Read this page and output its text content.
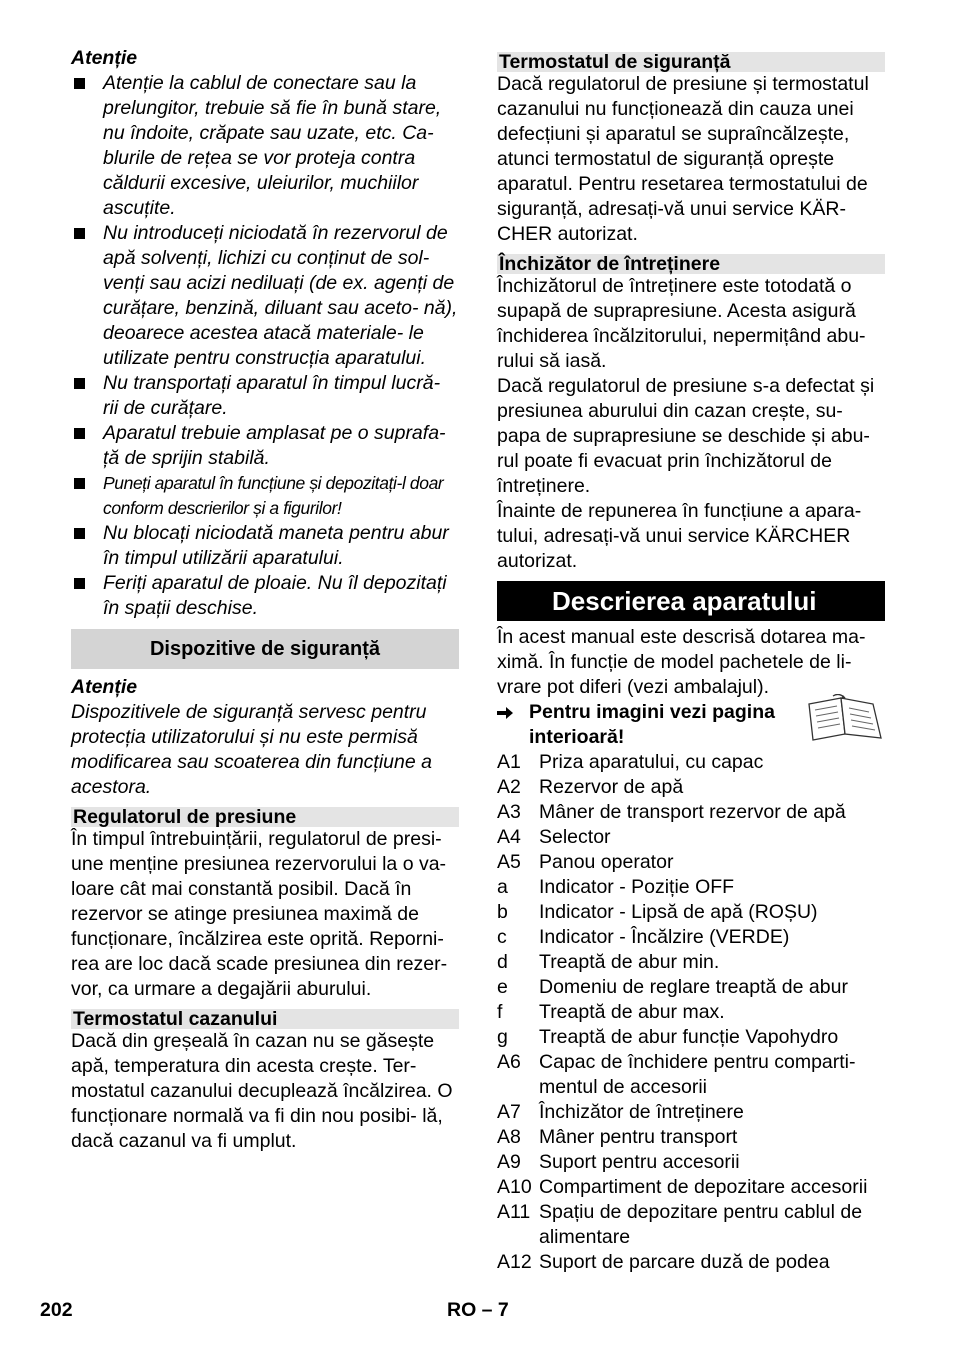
Atenție
Atenție la cablul de conectare sau la prelungitor, trebuie să fie în bună stare, nu îndoite, crăpate sau uzate, etc. Ca- blurile de rețea se vor proteja contra căldurii excesive, uleiurilor, muchiilor ascuțite.
Nu introduceți niciodată în rezervorul de apă solvenți, lichizi cu conținut de sol- venți sau acizi nediluați (de ex. agenți de curățare, benzină, diluant sau aceto- nă), deoarece acestea atacă materiale- le utilizate pentru construcția aparatului.
Nu transportați aparatul în timpul lucră- rii de curățare.
Aparatul trebuie amplasat pe o suprafa- ță de sprijin stabilă.
Puneți aparatul în funcțiune și depozitați-l doar conform descrierilor și a figurilor!
Nu blocați niciodată maneta pentru abur în timpul utilizării aparatului.
Feriți aparatul de ploaie. Nu îl depozitați în spații deschise.
Dispozitive de siguranță
Atenție
Dispozitivele de siguranță servesc pentru protecția utilizatorului și nu este permisă modificarea sau scoaterea din funcțiune a acestora.
Regulatorul de presiune
În timpul întrebuințării, regulatorul de presi- une menține presiunea rezervorului la o va- loare cât mai constantă posibil. Dacă în rezervor se atinge presiunea maximă de funcționare, încălzirea este oprită. Reporni- rea are loc dacă scade presiunea din rezer- vor, ca urmare a degajării aburului.
Termostatul cazanului
Dacă din greșeală în cazan nu se găsește apă, temperatura din acesta crește. Ter- mostatul cazanului decuplează încălzirea. O funcționare normală va fi din nou posibi- lă, dacă cazanul va fi umplut.
Termostatul de siguranță
Dacă regulatorul de presiune și termostatul cazanului nu funcționează din cauza unei defecțiuni și aparatul se supraîncălzește, atunci termostatul de siguranță oprește aparatul. Pentru resetarea termostatului de siguranță, adresați-vă unui service KÄR- CHER autorizat.
Închizător de întreținere
Închizătorul de întreținere este totodată o supapă de suprapresiune. Acesta asigură închiderea încălzitorului, nepermițând abu- rului să iasă.
Dacă regulatorul de presiune s-a defectat și presiunea aburului din cazan crește, su- papa de suprapresiune se deschide și abu- rul poate fi evacuat prin închizătorul de întreținere.
Înainte de repunerea în funcțiune a apara- tului, adresați-vă unui service KÄRCHER autorizat.
Descrierea aparatului
În acest manual este descrisă dotarea ma- ximă. În funcție de model pachetele de li- vrare pot diferi (vezi ambalajul).
Pentru imagini vezi pagina interioară!
A1 Priza aparatului, cu capac
A2 Rezervor de apă
A3 Mâner de transport rezervor de apă
A4 Selector
A5 Panou operator
a	Indicator - Poziție OFF
b	Indicator - Lipsă de apă (ROȘU)
c	Indicator - Încălzire (VERDE)
d	Treaptă de abur min.
e	Domeniu de reglare treaptă de abur
f	Treaptă de abur max.
g	Treaptă de abur funcție Vapohydro
A6 Capac de închidere pentru comparti- mentul de accesorii
A7 Închizător de întreținere
A8 Mâner pentru transport
A9 Suport pentru accesorii
A10 Compartiment de depozitare accesorii
A11 Spațiu de depozitare pentru cablul de alimentare
A12 Suport de parcare duză de podea
202	RO – 7
